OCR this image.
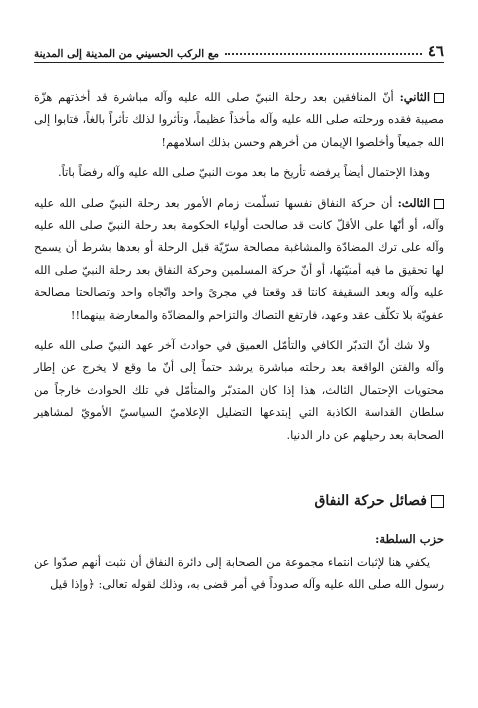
٤٦
مع الركب الحسيني من المدينة إلى المدينة

الثاني: أنّ المنافقين بعد رحلة النبيّ صلى الله عليه وآله مباشرة قد أخذتهم هزّة مصيبة فقده ورحلته صلى الله عليه وآله مأخذاً عظيماً، وتأثروا لذلك تأثراً بالغاً، فتابوا إلى الله جميعاً وأخلصوا الإيمان من أخرهم وحسن بذلك اسلامهم!

وهذا الإحتمال أيضاً يرفضه تأريخ ما بعد موت النبيّ صلى الله عليه وآله رفضاً باتاً.

الثالث: أن حركة النفاق نفسها تسلّمت زمام الأمور بعد رحلة النبيّ صلى الله عليه وآله، أو أنّها على الأقلّ كانت قد صالحت أولياء الحكومة بعد رحلة النبيّ صلى الله عليه وآله على ترك المضادّة والمشاغبة مصالحة سرّيّة قبل الرحلة أو بعدها بشرط أن يسمح لها تحقيق ما فيه أمنيّتها، أو أنّ حركة المسلمين وحركة النفاق بعد رحلة النبيّ صلى الله عليه وآله وبعد السقيفة كانتا قد وقعتا في مجرىً واحد واتّجاه واحد وتصالحتا مصالحة عفويّة بلا تكلّف عقد وعهد، فارتفع التصاك والتزاحم والمضادّة والمعارضة بينهما!!

ولا شك أنّ التدبّر الكافي والتأمّل العميق في حوادث آخر عهد النبيّ صلى الله عليه وآله والفتن الواقعة بعد رحلته مباشرة يرشد حتماً إلى أنّ ما وقع لا يخرج عن إطار محتويات الإحتمال الثالث، هذا إذا كان المتدبّر والمتأمّل في تلك الحوادث خارجاً من سلطان القداسة الكاذبة التي إبتدعها التضليل الإعلاميّ السياسيّ الأمويّ لمشاهير الصحابة بعد رحيلهم عن دار الدنيا.

فصائل حركة النفاق
حزب السلطة:

يكفي هنا لإثبات انتماء مجموعة من الصحابة إلى دائرة النفاق أن نثبت أنهم صدّوا عن رسول الله صلى الله عليه وآله صدوداً في أمر قضى به، وذلك لقوله تعالى: ﴿وإذا قيل
